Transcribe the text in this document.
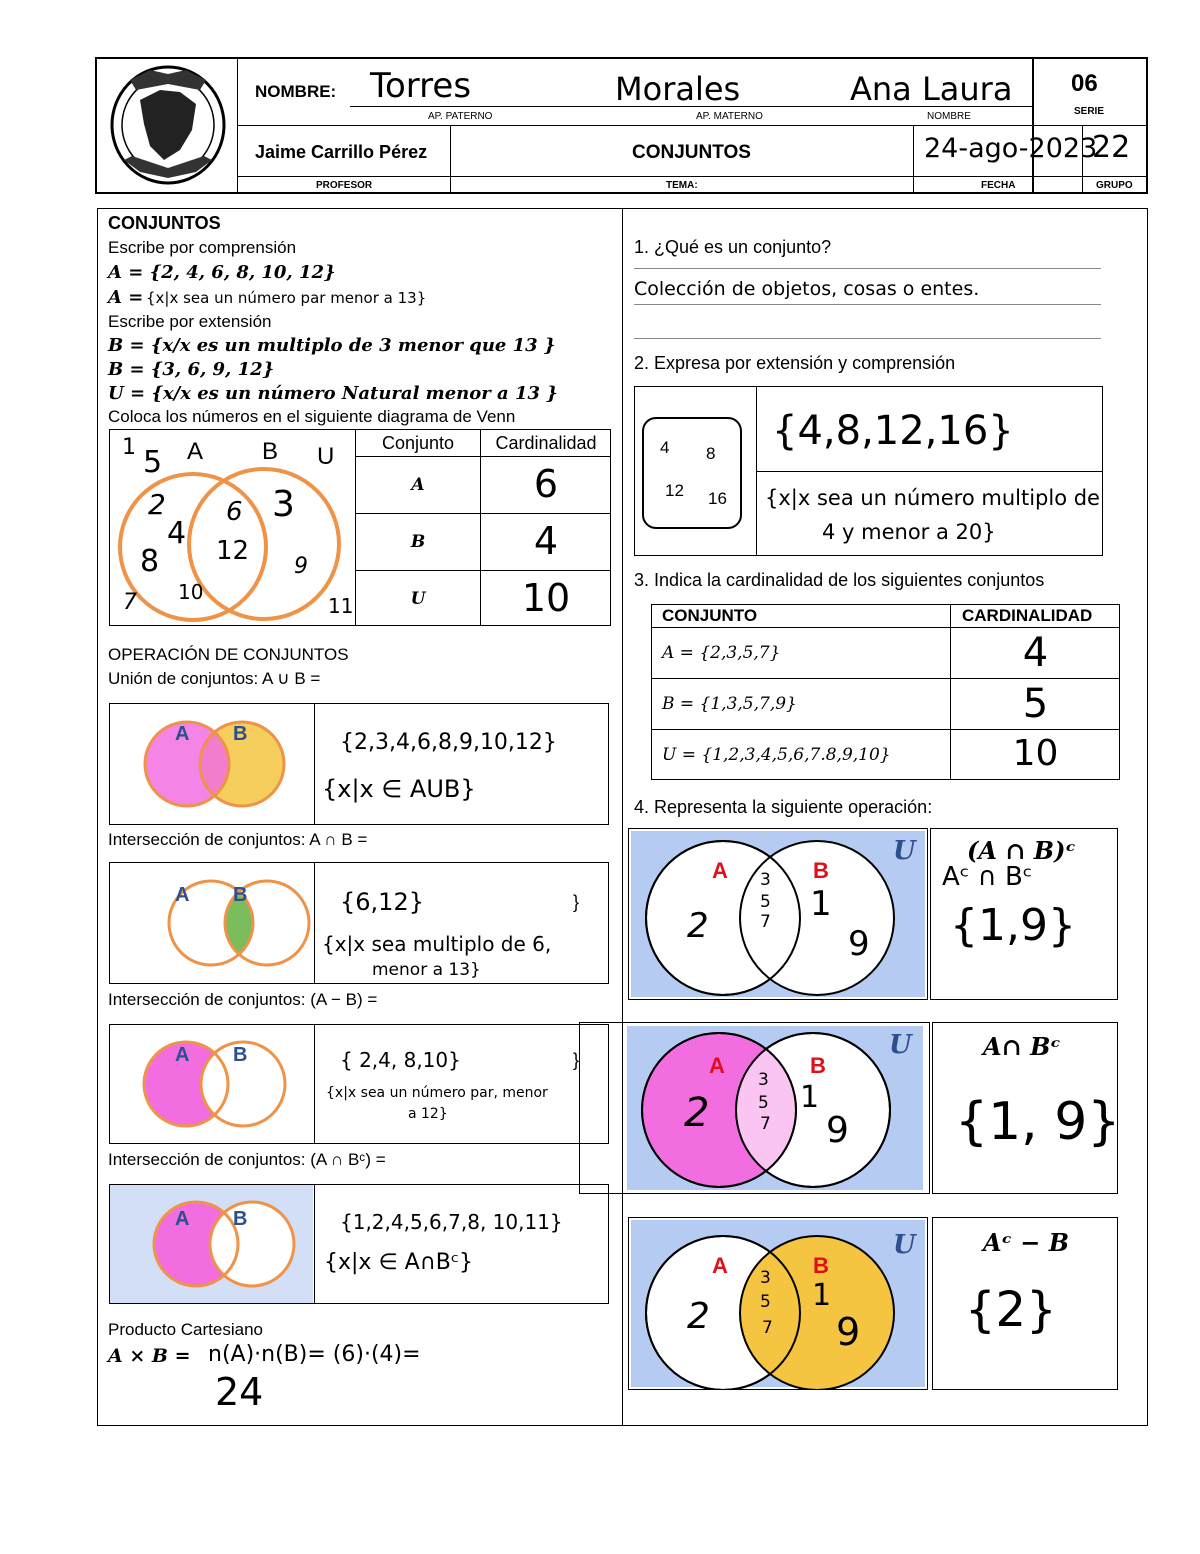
NOMBRE: Torres	Morales	Ana Laura
AP. PATERNO	AP. MATERNO	NOMBRE
06
SERIE
Jaime Carrillo Pérez	CONJUNTOS	24-ago-2023
22
PROFESOR	TEMA:	FECHA	GRUPO
CONJUNTOS
Escribe por comprensión
A = {2, 4, 6, 8, 10, 12}
A = {x|x sea un número par menor a 13}
Escribe por extensión
B = {x/x es un multiplo de 3 menor que 13 }
B = {3, 6, 9, 12}
U = {x/x es un número Natural menor a 13 }
Coloca los números en el siguiente diagrama de Venn
1 5 A B U
2
4
8
6
12
3
9
7 10
11
Conjunto	Cardinalidad
A	6
B	4
U	10
OPERACIÓN DE CONJUNTOS
Unión de conjuntos: A ∪ B =
A B	{2,3,4,6,8,9,10,12}
{x|x ∈ AUB}
Intersección de conjuntos: A ∩ B =
A B	{6,12}	}
{x|x sea multiplo de 6,
menor a 13}
Intersección de conjuntos: (A − B) =
A B	{ 2,4, 8,10}	}
{x|x sea un número par, menor
a 12}
Intersección de conjuntos: (A ∩ Bᶜ) =
A B	{1,2,4,5,6,7,8, 10,11}
{x|x ∈ A∩Bᶜ}
Producto Cartesiano
A × B = n(A)·n(B)= (6)·(4)=
24
1. ¿Qué es un conjunto?
Colección de objetos, cosas o entes.
2. Expresa por extensión y comprensión
4 8
12 16
{4,8,12,16}
{x|x sea un número multiplo de
4 y menor a 20}
3. Indica la cardinalidad de los siguientes conjuntos
CONJUNTO	CARDINALIDAD
A = {2,3,5,7}	4
B = {1,3,5,7,9}	5
U = {1,2,3,4,5,6,7.8,9,10}	10
4. Representa la siguiente operación:
U
A	B
2
3
5
7 1
9
(A ∩ B)ᶜ
Aᶜ ∩ Bᶜ
{1,9}
U
A	B
2
3
5
7
1
9
A∩ Bᶜ
{1, 9}
U
A	B
2
3
5
7
1
9
Aᶜ − B
{2}
